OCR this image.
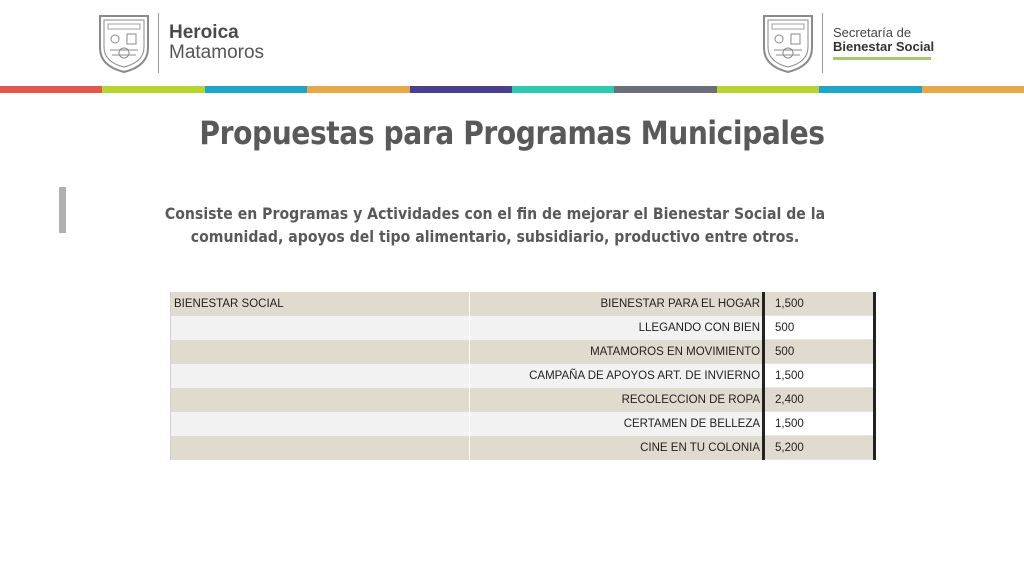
Heroica
Matamoros
Secretaría de
Bienestar Social
Propuestas para Programas Municipales
Consiste en Programas y Actividades con el fin de mejorar el Bienestar Social de la comunidad, apoyos del tipo alimentario, subsidiario, productivo entre otros.
BIENESTAR SOCIAL	BIENESTAR PARA EL HOGAR	1,500
	LLEGANDO CON BIEN	500
	MATAMOROS EN MOVIMIENTO	500
	CAMPAÑA DE APOYOS ART. DE INVIERNO	1,500
	RECOLECCION DE ROPA	2,400
	CERTAMEN DE BELLEZA	1,500
	CINE EN TU COLONIA	5,200
